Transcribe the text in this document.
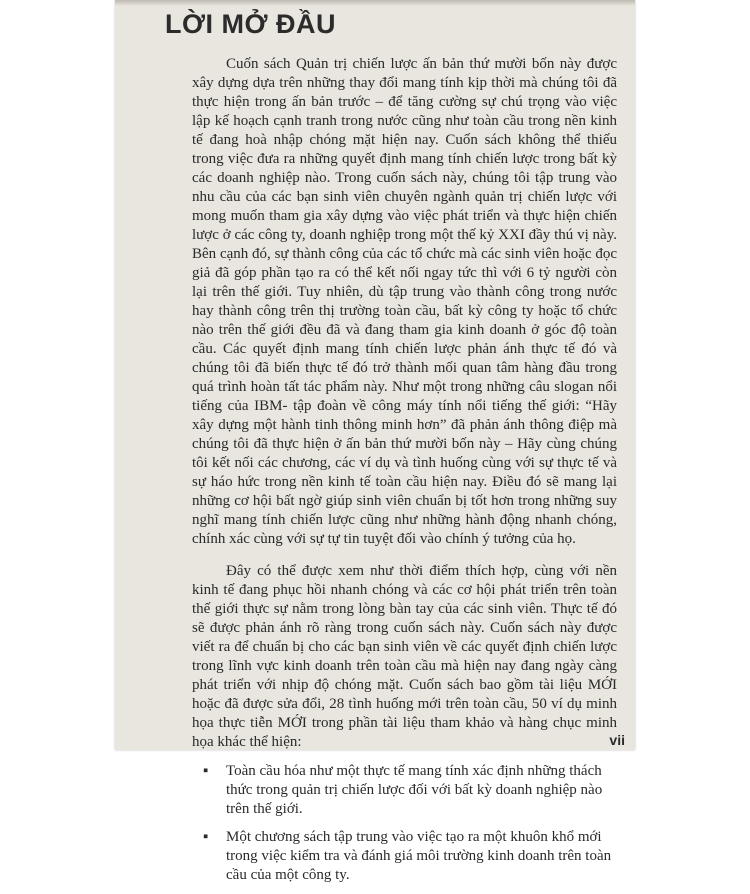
LỜI MỞ ĐẦU

Cuốn sách Quản trị chiến lược ấn bản thứ mười bốn này được xây dựng dựa trên những thay đổi mang tính kịp thời mà chúng tôi đã thực hiện trong ấn bản trước – để tăng cường sự chú trọng vào việc lập kế hoạch cạnh tranh trong nước cũng như toàn cầu trong nền kinh tế đang hoà nhập chóng mặt hiện nay. Cuốn sách không thể thiếu trong việc đưa ra những quyết định mang tính chiến lược trong bất kỳ các doanh nghiệp nào. Trong cuốn sách này, chúng tôi tập trung vào nhu cầu của các bạn sinh viên chuyên ngành quản trị chiến lược với mong muốn tham gia xây dựng vào việc phát triển và thực hiện chiến lược ở các công ty, doanh nghiệp trong một thế kỷ XXI đầy thú vị này. Bên cạnh đó, sự thành công của các tổ chức mà các sinh viên hoặc đọc giả đã góp phần tạo ra có thể kết nối ngay tức thì với 6 tỷ người còn lại trên thế giới. Tuy nhiên, dù tập trung vào thành công trong nước hay thành công trên thị trường toàn cầu, bất kỳ công ty hoặc tổ chức nào trên thế giới đều đã và đang tham gia kinh doanh ở góc độ toàn cầu. Các quyết định mang tính chiến lược phản ánh thực tế đó và chúng tôi đã biến thực tế đó trở thành mối quan tâm hàng đầu trong quá trình hoàn tất tác phẩm này. Như một trong những câu slogan nổi tiếng của IBM- tập đoàn về công máy tính nổi tiếng thế giới: “Hãy xây dựng một hành tinh thông minh hơn” đã phản ánh thông điệp mà chúng tôi đã thực hiện ở ấn bản thứ mười bốn này – Hãy cùng chúng tôi kết nối các chương, các ví dụ và tình huống cùng với sự thực tế và sự háo hức trong nền kinh tế toàn cầu hiện nay. Điều đó sẽ mang lại những cơ hội bất ngờ giúp sinh viên chuẩn bị tốt hơn trong những suy nghĩ mang tính chiến lược cũng như những hành động nhanh chóng, chính xác cùng với sự tự tin tuyệt đối vào chính ý tưởng của họ.

Đây có thể được xem như thời điểm thích hợp, cùng với nền kinh tế đang phục hồi nhanh chóng và các cơ hội phát triển trên toàn thế giới thực sự nằm trong lòng bàn tay của các sinh viên. Thực tế đó sẽ được phản ánh rõ ràng trong cuốn sách này. Cuốn sách này được viết ra để chuẩn bị cho các bạn sinh viên về các quyết định chiến lược trong lĩnh vực kinh doanh trên toàn cầu mà hiện nay đang ngày càng phát triển với nhịp độ chóng mặt. Cuốn sách bao gồm tài liệu MỚI hoặc đã được sửa đổi, 28 tình huống mới trên toàn cầu, 50 ví dụ minh họa thực tiễn MỚI trong phần tài liệu tham khảo và hàng chục minh họa khác thể hiện:

▪ Toàn cầu hóa như một thực tế mang tính xác định những thách thức trong quản trị chiến lược đối với bất kỳ doanh nghiệp nào trên thế giới.
▪ Một chương sách tập trung vào việc tạo ra một khuôn khổ mới trong việc kiểm tra và đánh giá môi trường kinh doanh trên toàn cầu của một công ty.
vii
